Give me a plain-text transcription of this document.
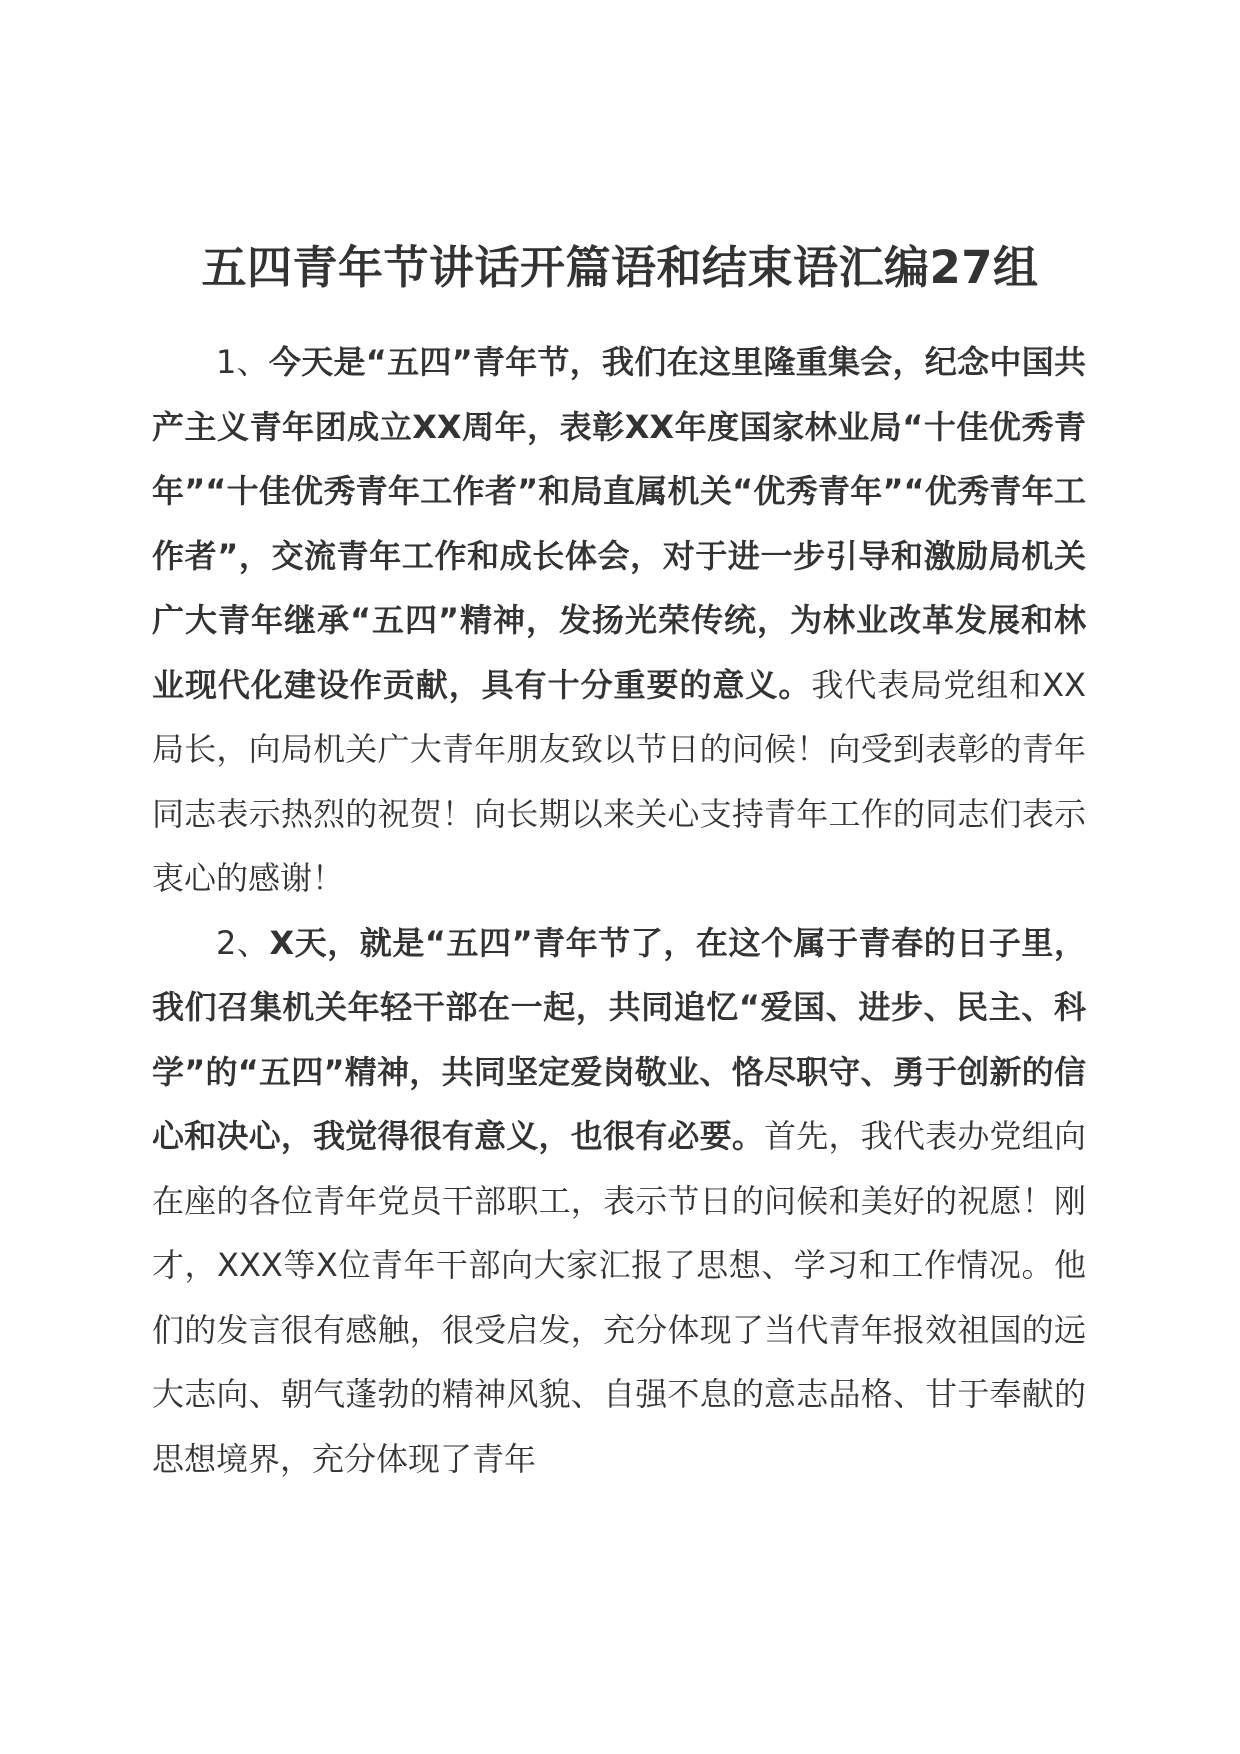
五四青年节讲话开篇语和结束语汇编27组

1、今天是“五四”青年节，我们在这里隆重集会，纪念中国共产主义青年团成立XX周年，表彰XX年度国家林业局“十佳优秀青年”“十佳优秀青年工作者”和局直属机关“优秀青年”“优秀青年工作者”，交流青年工作和成长体会，对于进一步引导和激励局机关广大青年继承“五四”精神，发扬光荣传统，为林业改革发展和林业现代化建设作贡献，具有十分重要的意义。我代表局党组和XX局长，向局机关广大青年朋友致以节日的问候！向受到表彰的青年同志表示热烈的祝贺！向长期以来关心支持青年工作的同志们表示衷心的感谢！

2、X天，就是“五四”青年节了，在这个属于青春的日子里，我们召集机关年轻干部在一起，共同追忆“爱国、进步、民主、科学”的“五四”精神，共同坚定爱岗敬业、恪尽职守、勇于创新的信心和决心，我觉得很有意义，也很有必要。首先，我代表办党组向在座的各位青年党员干部职工，表示节日的问候和美好的祝愿！刚才，XXX等X位青年干部向大家汇报了思想、学习和工作情况。他们的发言很有感触，很受启发，充分体现了当代青年报效祖国的远大志向、朝气蓬勃的精神风貌、自强不息的意志品格、甘于奉献的思想境界，充分体现了青年
